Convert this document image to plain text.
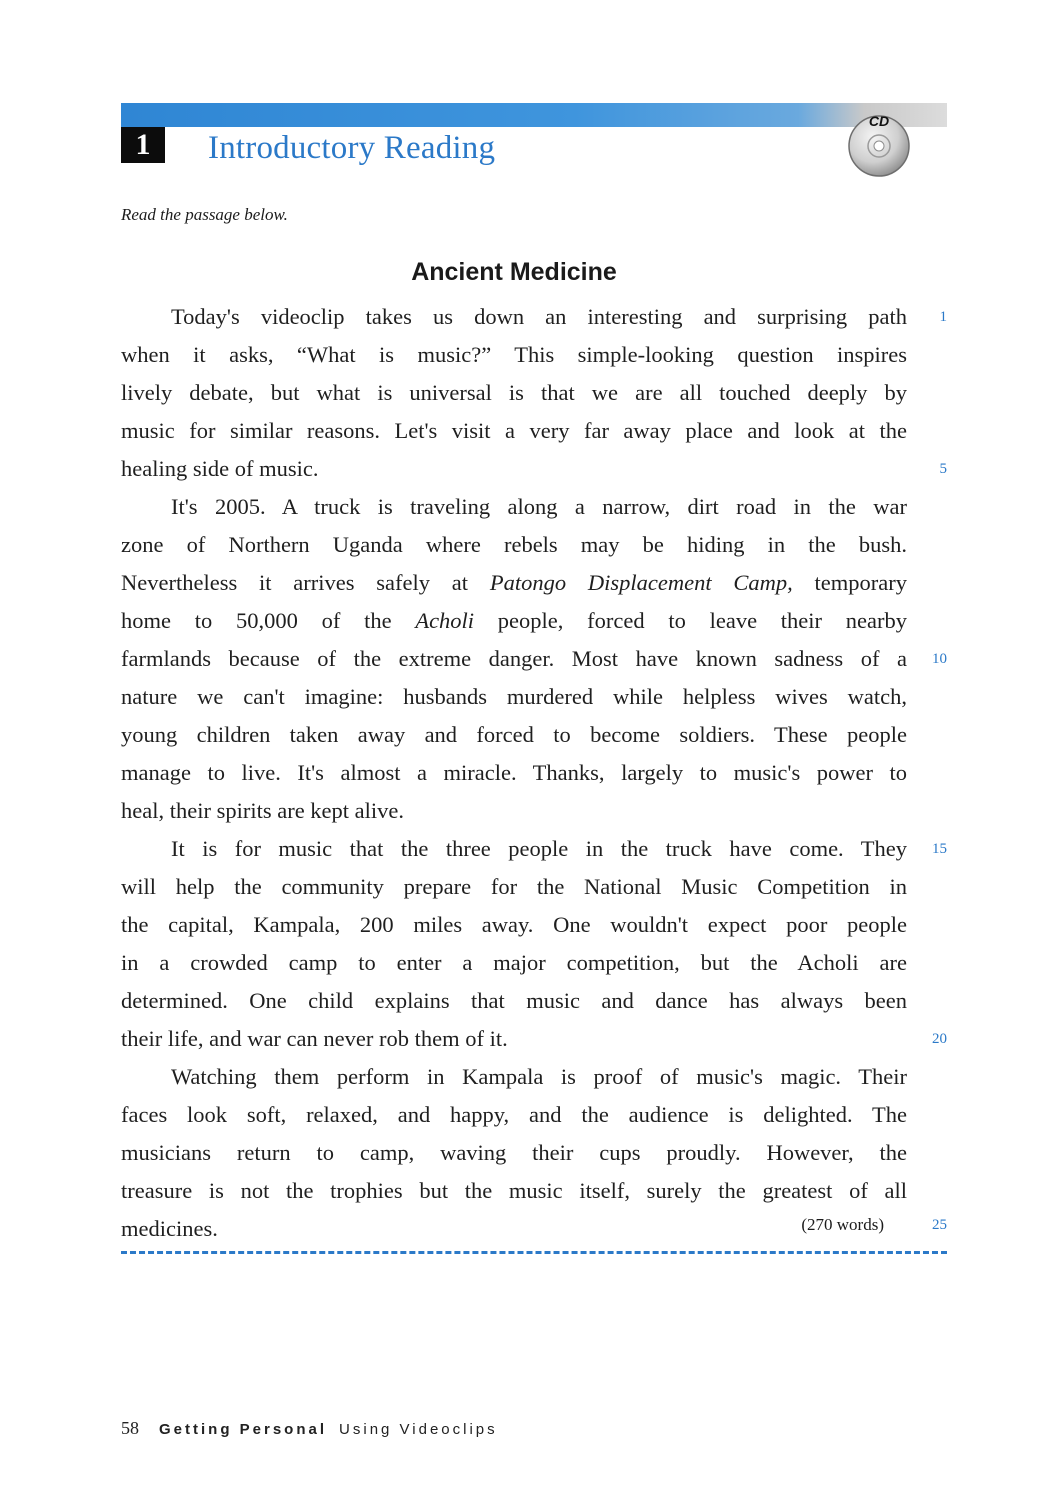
1	Introductory Reading
CD
Read the passage below.
Ancient Medicine
Today's videoclip takes us down an interesting and surprising path
when it asks, “What is music?” This simple-looking question inspires
lively debate, but what is universal is that we are all touched deeply by
music for similar reasons. Let's visit a very far away place and look at the
healing side of music.
It's 2005. A truck is traveling along a narrow, dirt road in the war
zone of Northern Uganda where rebels may be hiding in the bush.
Nevertheless it arrives safely at Patongo Displacement Camp, temporary
home to 50,000 of the Acholi people, forced to leave their nearby
farmlands because of the extreme danger. Most have known sadness of a
nature we can't imagine: husbands murdered while helpless wives watch,
young children taken away and forced to become soldiers. These people
manage to live. It's almost a miracle. Thanks, largely to music's power to
heal, their spirits are kept alive.
It is for music that the three people in the truck have come. They
will help the community prepare for the National Music Competition in
the capital, Kampala, 200 miles away. One wouldn't expect poor people
in a crowded camp to enter a major competition, but the Acholi are
determined. One child explains that music and dance has always been
their life, and war can never rob them of it.
Watching them perform in Kampala is proof of music's magic. Their
faces look soft, relaxed, and happy, and the audience is delighted. The
musicians return to camp, waving their cups proudly. However, the
treasure is not the trophies but the music itself, surely the greatest of all
medicines.	(270 words)
1
5
10
15
20
25
58 Getting Personal Using Videoclips
